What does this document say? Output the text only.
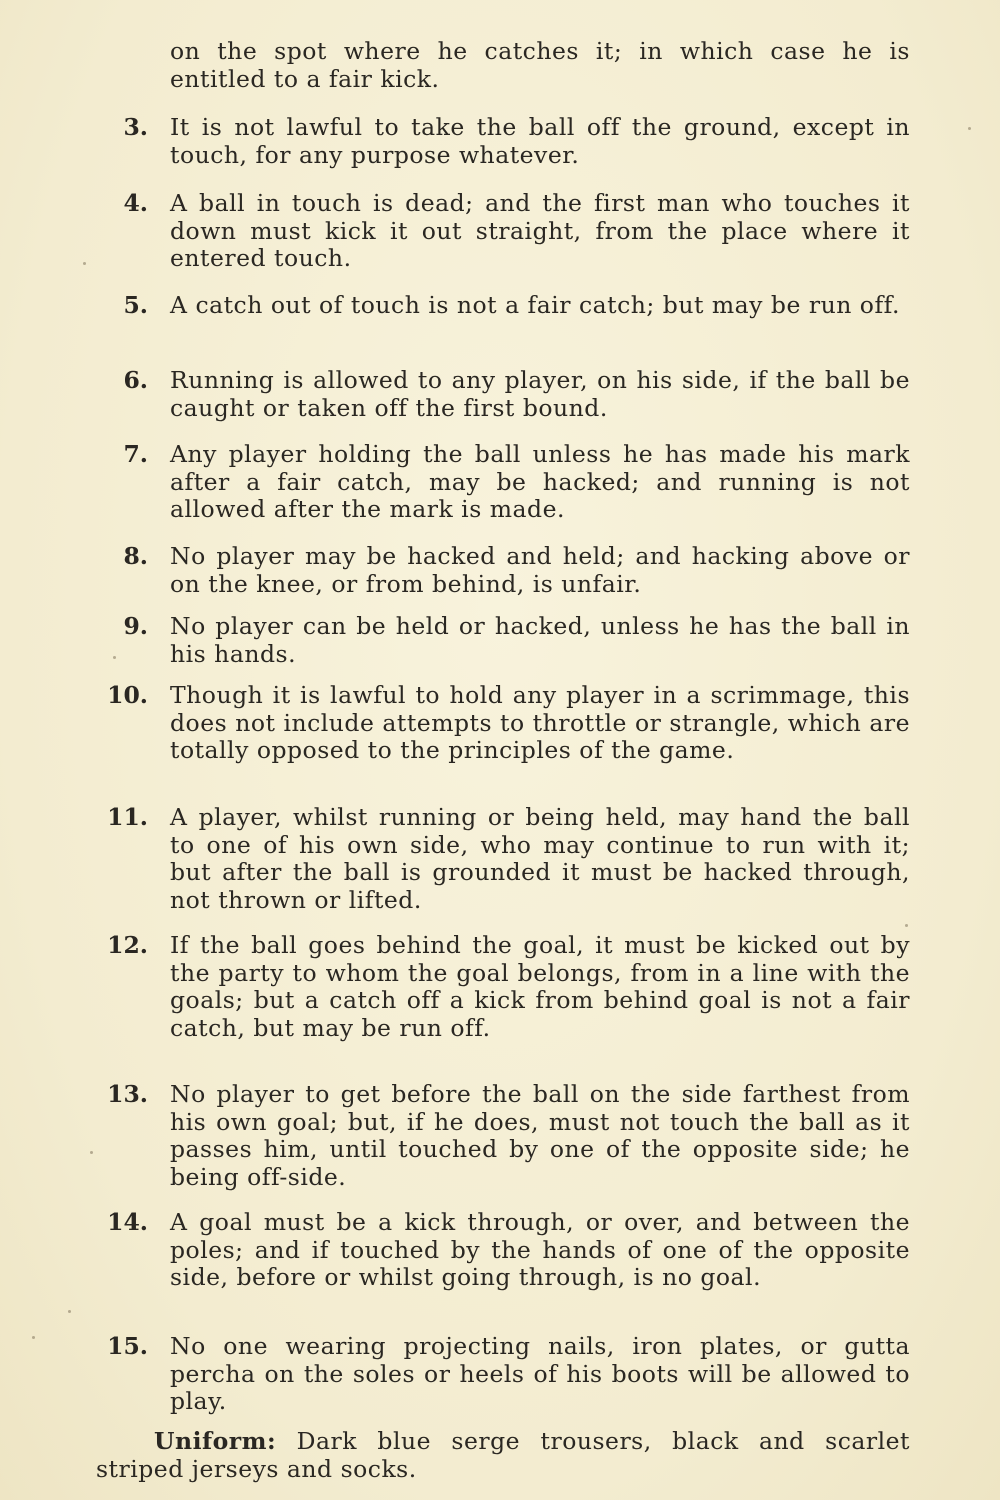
on the spot where he catches it; in which case he is entitled to a fair kick.

3. It is not lawful to take the ball off the ground, except in touch, for any purpose whatever.
4. A ball in touch is dead; and the first man who touches it down must kick it out straight, from the place where it entered touch.
5. A catch out of touch is not a fair catch; but may be run off.
6. Running is allowed to any player, on his side, if the ball be caught or taken off the first bound.
7. Any player holding the ball unless he has made his mark after a fair catch, may be hacked; and running is not allowed after the mark is made.
8. No player may be hacked and held; and hacking above or on the knee, or from behind, is unfair.
9. No player can be held or hacked, unless he has the ball in his hands.
10. Though it is lawful to hold any player in a scrimmage, this does not include attempts to throttle or strangle, which are totally opposed to the principles of the game.
11. A player, whilst running or being held, may hand the ball to one of his own side, who may continue to run with it; but after the ball is grounded it must be hacked through, not thrown or lifted.
12. If the ball goes behind the goal, it must be kicked out by the party to whom the goal belongs, from in a line with the goals; but a catch off a kick from behind goal is not a fair catch, but may be run off.
13. No player to get before the ball on the side farthest from his own goal; but, if he does, must not touch the ball as it passes him, until touched by one of the opposite side; he being off-side.
14. A goal must be a kick through, or over, and between the poles; and if touched by the hands of one of the opposite side, before or whilst going through, is no goal.
15. No one wearing projecting nails, iron plates, or gutta percha on the soles or heels of his boots will be allowed to play.

Uniform: Dark blue serge trousers, black and scarlet striped jerseys and socks.
